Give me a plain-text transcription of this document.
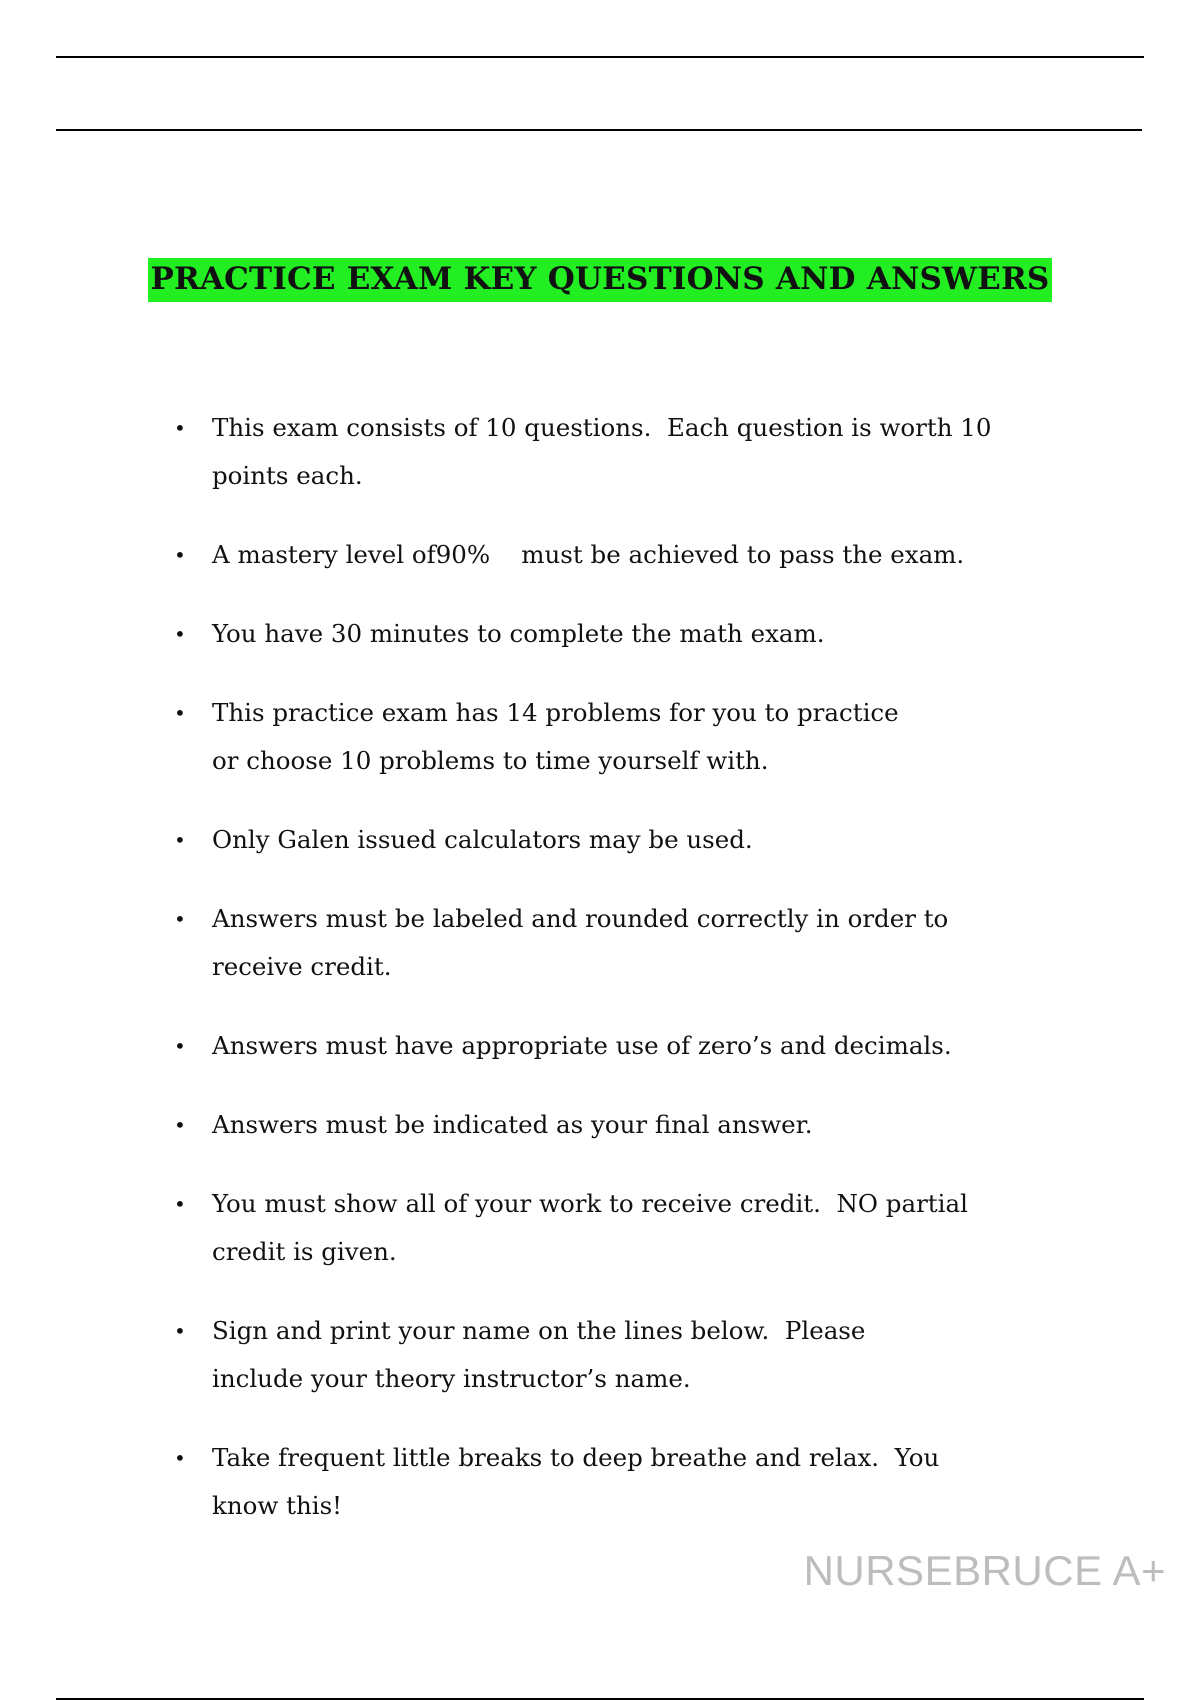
PRACTICE EXAM KEY QUESTIONS AND ANSWERS
• This exam consists of 10 questions.  Each question is worth 10
points each.
• A mastery level of90%    must be achieved to pass the exam.
• You have 30 minutes to complete the math exam.
• This practice exam has 14 problems for you to practice
or choose 10 problems to time yourself with.
• Only Galen issued calculators may be used.
• Answers must be labeled and rounded correctly in order to
receive credit.
• Answers must have appropriate use of zero’s and decimals.
• Answers must be indicated as your final answer.
• You must show all of your work to receive credit.  NO partial
credit is given.
• Sign and print your name on the lines below.  Please
include your theory instructor’s name.
• Take frequent little breaks to deep breathe and relax.  You
know this!
NURSEBRUCE A+
